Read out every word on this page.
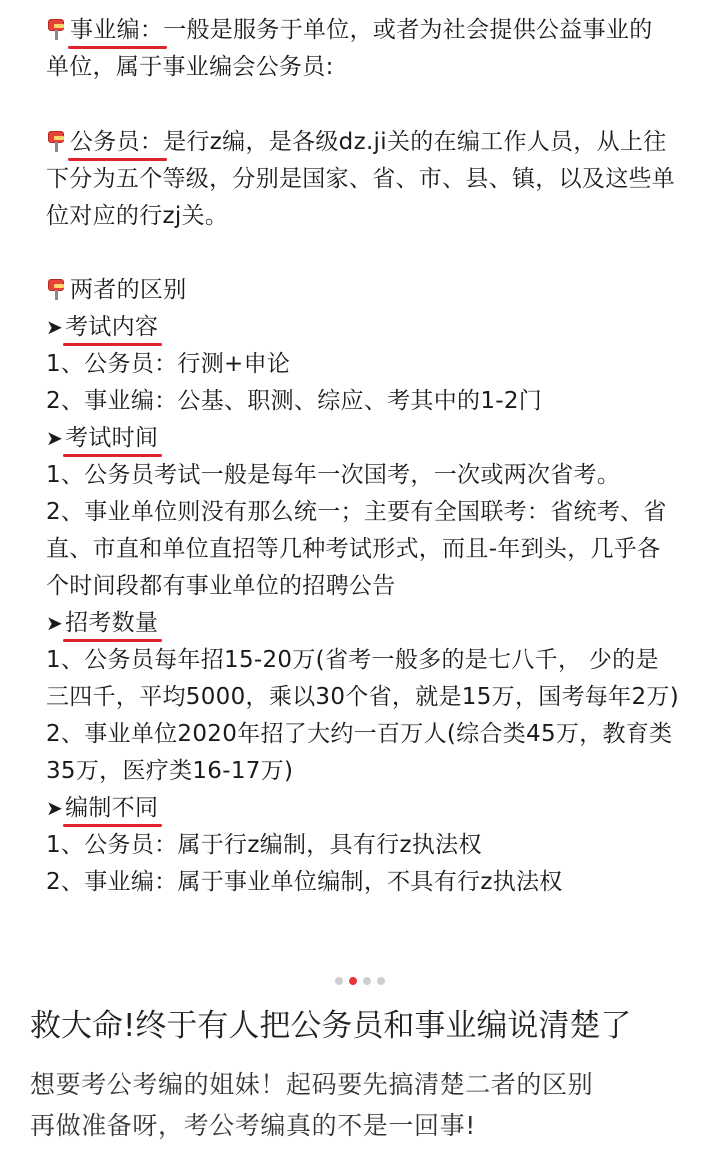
事业编：一般是服务于单位，或者为社会提供公益事业的
单位，属于事业编会公务员:
公务员：是行z编，是各级dz.ji关的在编工作人员，从上往
下分为五个等级，分别是国家、省、市、县、镇，以及这些单
位对应的行zj关。
两者的区别
➤考试内容
1、公务员：行测+申论
2、事业编：公基、职测、综应、考其中的1-2门
➤考试时间
1、公务员考试一般是每年一次国考，一次或两次省考。
2、事业单位则没有那么统一；主要有全国联考：省统考、省
直、市直和单位直招等几种考试形式，而且-年到头，几乎各
个时间段都有事业单位的招聘公告
➤招考数量
1、公务员每年招15-20万(省考一般多的是七八千， 少的是
三四千，平均5000，乘以30个省，就是15万，国考每年2万)
2、事业单位2020年招了大约一百万人(综合类45万，教育类
35万，医疗类16-17万)
➤编制不同
1、公务员：属于行z编制，具有行z执法权
2、事业编：属于事业单位编制，不具有行z执法权
救大命!终于有人把公务员和事业编说清楚了
想要考公考编的姐妹！起码要先搞清楚二者的区别
再做准备呀，考公考编真的不是一回事!
